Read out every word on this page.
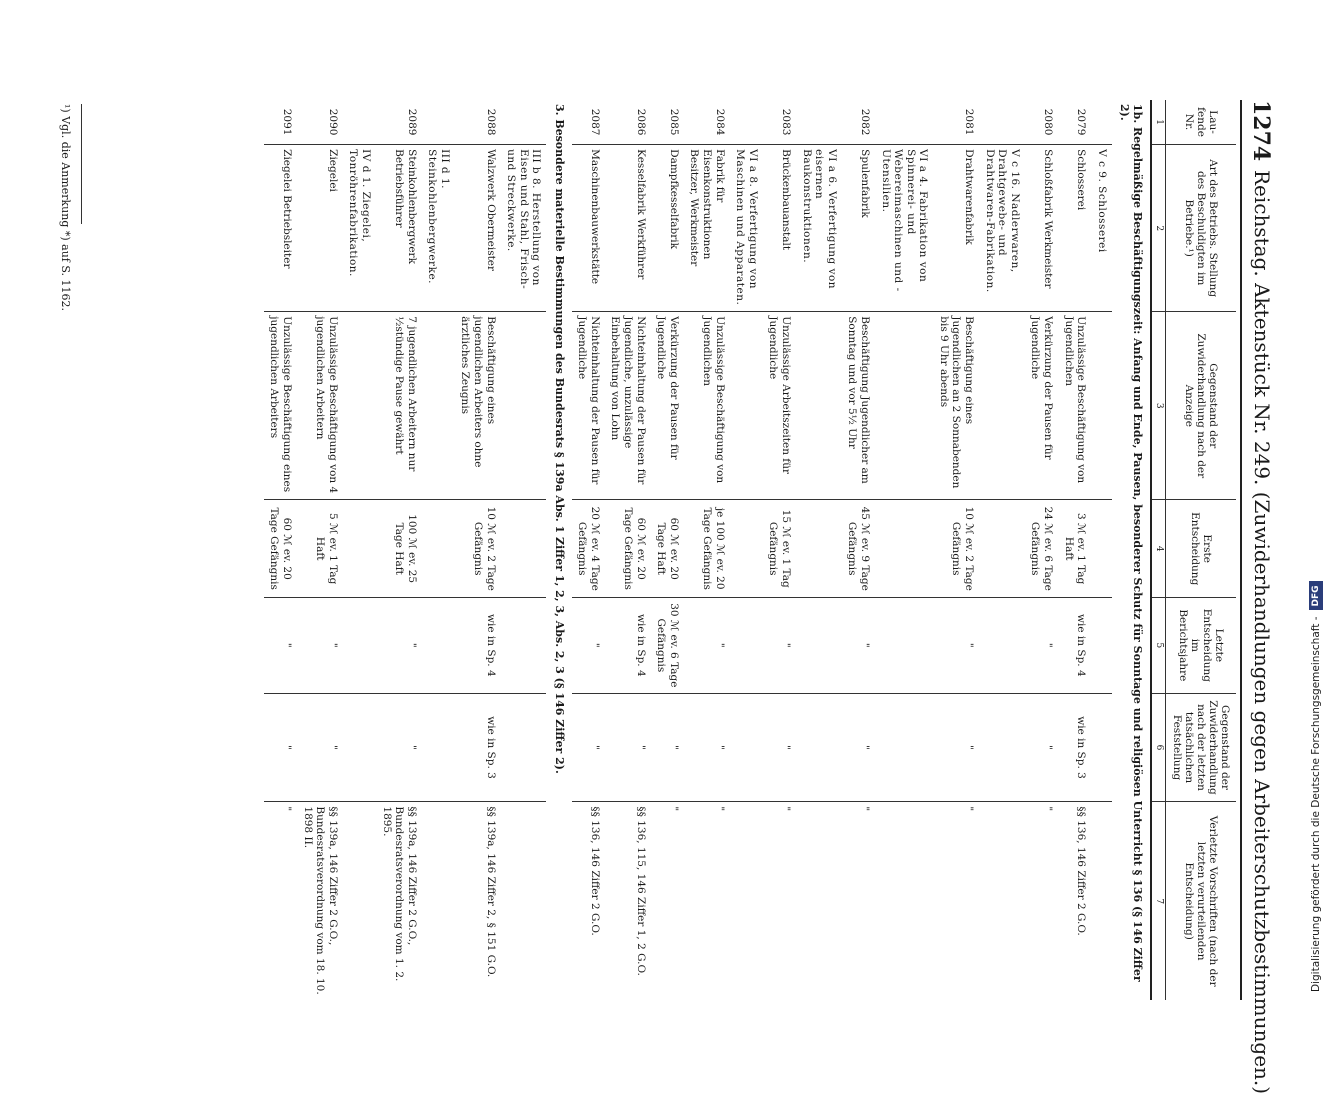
1274
Reichstag. Aktenstück Nr. 249. (Zuwiderhandlungen gegen Arbeiterschutzbestimmungen.)
Lau-fende Nr.	Art des Betriebs. Stellung des Beschuldigten im Betriebe.¹)	Gegenstand der Zuwiderhandlung nach der Anzeige	Erste Entscheidung	Letzte Entscheidung im Berichtsjahre	Gegenstand der Zuwiderhandlung nach der letzten tatsächlichen Feststellung	Verletzte Vorschriften (nach der letzten verurteilenden Entscheidung)
1	2	3	4	5	6	7
1b. Regelmäßige Beschäftigungszeit: Anfang und Ende, Pausen, besonderer Schutz für Sonntage und religiösen Unterricht § 136 (§ 146 Ziffer 2).						
	V c 9. Schlosserei					
2079	Schlosserei	Unzulässige Beschäftigung von Jugendlichen	3 ℳ ev. 1 Tag Haft	wie in Sp. 4	wie in Sp. 3	§§ 136, 146 Ziffer 2 G.O.
2080	Schloßfabrik Werkmeister	Verkürzung der Pausen für Jugendliche	24 ℳ ev. 6 Tage Gefängnis	"	"	"
	V c 16. Nadlerwaren, Drahtgewebe- und Drahtwaren-Fabrikation.					
2081	Drahtwarenfabrik	Beschäftigung eines Jugendlichen an 2 Sonnabenden bis 9 Uhr abends	10 ℳ ev. 2 Tage Gefängnis	"	"	"
	VI a 4. Fabrikation von Spinnerei- und Webereimaschinen und -Utensilien.					
2082	Spulenfabrik	Beschäftigung Jugendlicher am Sonntag und vor 5½ Uhr	45 ℳ ev. 9 Tage Gefängnis	"	"	"
	VI a 6. Verfertigung von eisernen Baukonstruktionen.					
2083	Brückenbauanstalt	Unzulässige Arbeitszeiten für Jugendliche	15 ℳ ev. 1 Tag Gefängnis	"	"	"
	VI a 8. Verfertigung von Maschinen und Apparaten.					
2084	Fabrik für Eisenkonstruktionen Besitzer, Werkmeister	Unzulässige Beschäftigung von Jugendlichen	je 100 ℳ ev. 20 Tage Gefängnis	"	"	"
2085	Dampfkesselfabrik	Verkürzung der Pausen für Jugendliche	60 ℳ ev. 20 Tage Haft	30 ℳ ev. 6 Tage Gefängnis	"	"
2086	Kesselfabrik Werkführer	Nichteinhaltung der Pausen für Jugendliche, unzulässige Einbehaltung von Lohn	60 ℳ ev. 20 Tage Gefängnis	wie in Sp. 4	"	§§ 136, 115, 146 Ziffer 1, 2 G.O.
2087	Maschinenbauwerkstätte	Nichteinhaltung der Pausen für Jugendliche	20 ℳ ev. 4 Tage Gefängnis	"	"	§§ 136, 146 Ziffer 2 G.O.
3. Besondere materielle Bestimmungen des Bundesrats § 139a Abs. 1 Ziffer 1, 2, 3, Abs. 2, 3 (§ 146 Ziffer 2).						
	III b 8. Herstellung von Eisen und Stahl, Frisch- und Streckwerke.					
2088	Walzwerk Obermeister	Beschäftigung eines jugendlichen Arbeiters ohne ärztliches Zeugnis	10 ℳ ev. 2 Tage Gefängnis	wie in Sp. 4	wie in Sp. 3	§§ 139a, 146 Ziffer 2, § 151 G.O.
	III d 1. Steinkohlenbergwerke.					
2089	Steinkohlenbergwerk Betriebsführer	7 jugendlichen Arbeitern nur ½stündige Pause gewährt	100 ℳ ev. 25 Tage Haft	"	"	§§ 139a, 146 Ziffer 2 G.O., Bundesratsverordnung vom 1. 2. 1895.
	IV d 1. Ziegelei, Tonröhrenfabrikation.					
2090	Ziegelei	Unzulässige Beschäftigung von 4 jugendlichen Arbeitern	5 ℳ ev. 1 Tag Haft	"	"	§§ 139a, 146 Ziffer 2 G.O., Bundesratsverordnung vom 18. 10. 1898 II.
2091	Ziegelei Betriebsleiter	Unzulässige Beschäftigung eines jugendlichen Arbeiters	60 ℳ ev. 20 Tage Gefängnis	"	"	"
¹) Vgl. die Anmerkung *) auf S. 1162.
Digitalisierung gefördert durch die Deutsche Forschungsgemeinschaft -
DFG
